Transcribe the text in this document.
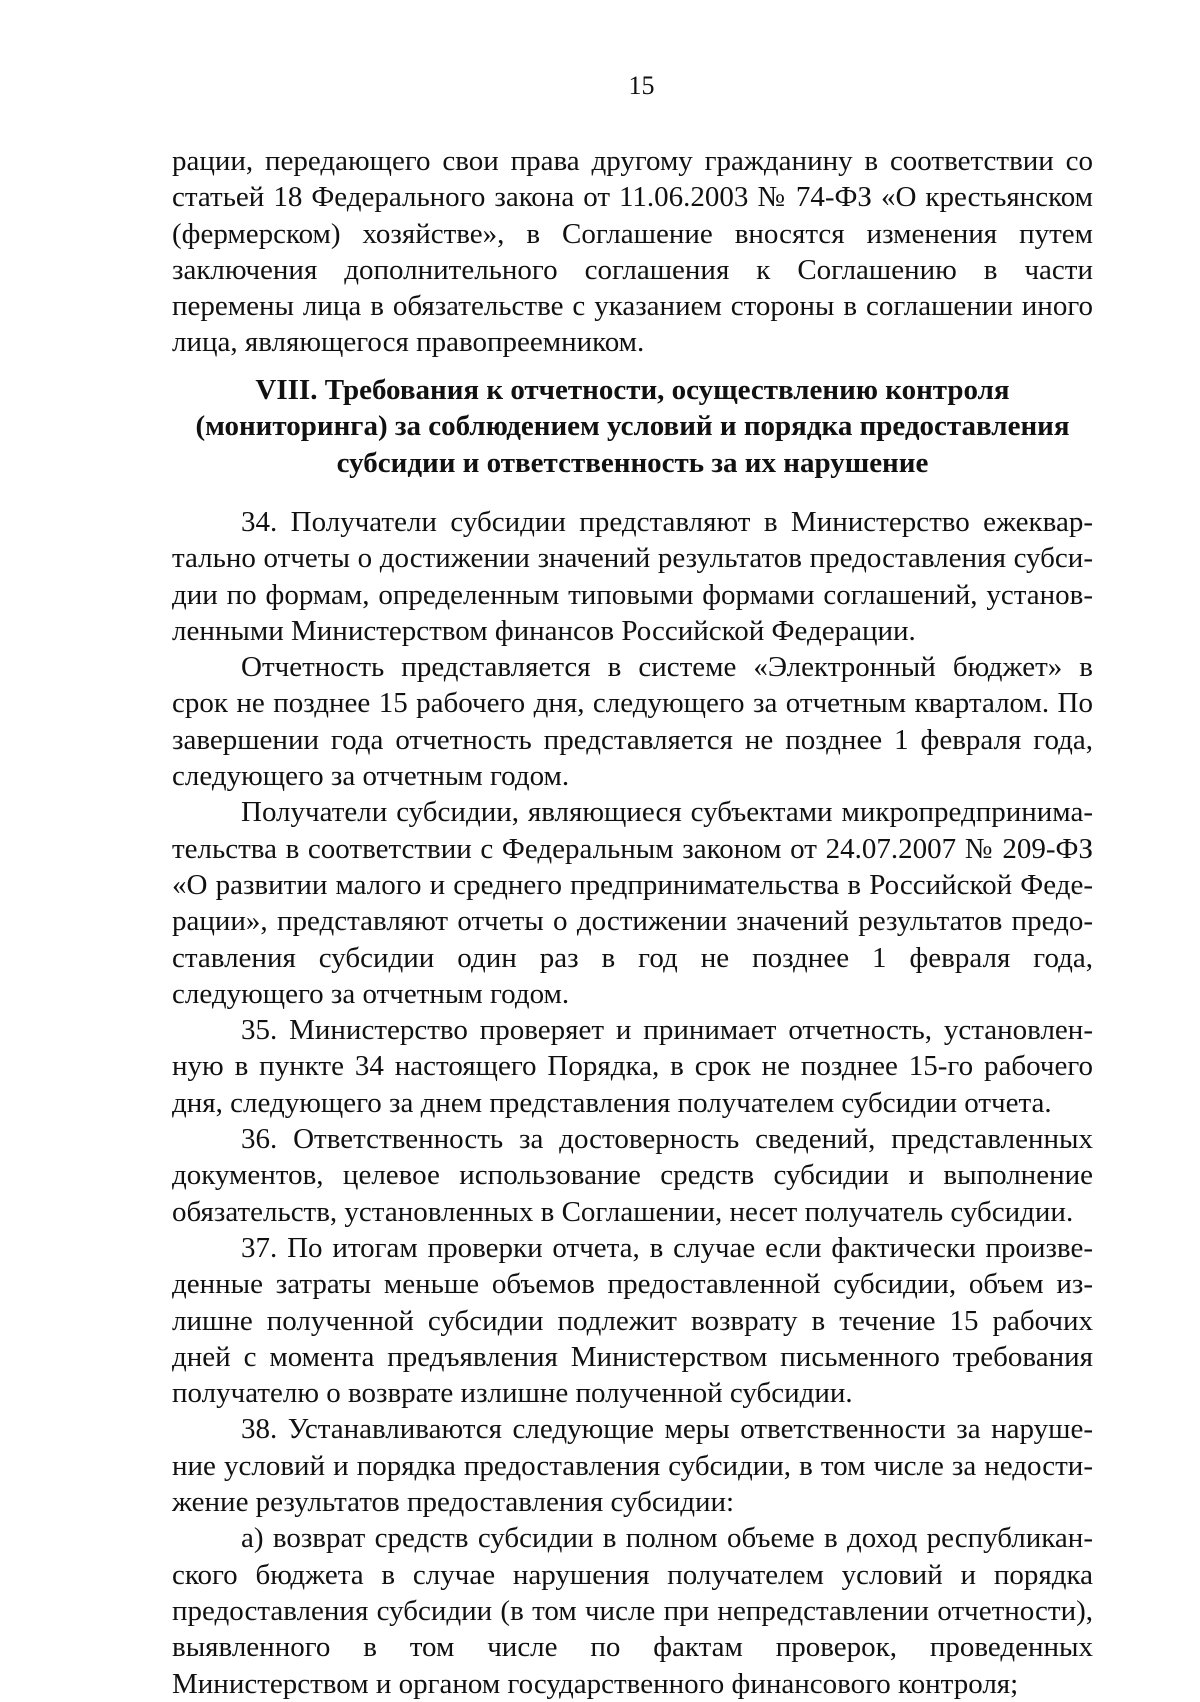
15

рации, передающего свои права другому гражданину в соответствии со статьей 18 Федерального закона от 11.06.2003 № 74-ФЗ «О крестьянском (фермерском) хозяйстве», в Соглашение вносятся изменения путем заключения дополнительного соглашения к Соглашению в части перемены лица в обязательстве с указанием стороны в соглашении иного лица, являющегося правопреемником.

VIII. Требования к отчетности, осуществлению контроля
(мониторинга) за соблюдением условий и порядка предоставления
субсидии и ответственность за их нарушение

34. Получатели субсидии представляют в Министерство ежеквартально отчеты о достижении значений результатов предоставления субсидии по формам, определенным типовыми формами соглашений, установленными Министерством финансов Российской Федерации.

Отчетность представляется в системе «Электронный бюджет» в срок не позднее 15 рабочего дня, следующего за отчетным кварталом. По завершении года отчетность представляется не позднее 1 февраля года, следующего за отчетным годом.

Получатели субсидии, являющиеся субъектами микропредпринимательства в соответствии с Федеральным законом от 24.07.2007 № 209-ФЗ «О развитии малого и среднего предпринимательства в Российской Федерации», представляют отчеты о достижении значений результатов предоставления субсидии один раз в год не позднее 1 февраля года, следующего за отчетным годом.

35. Министерство проверяет и принимает отчетность, установленную в пункте 34 настоящего Порядка, в срок не позднее 15-го рабочего дня, следующего за днем представления получателем субсидии отчета.

36. Ответственность за достоверность сведений, представленных документов, целевое использование средств субсидии и выполнение обязательств, установленных в Соглашении, несет получатель субсидии.

37. По итогам проверки отчета, в случае если фактически произведенные затраты меньше объемов предоставленной субсидии, объем излишне полученной субсидии подлежит возврату в течение 15 рабочих дней с момента предъявления Министерством письменного требования получателю о возврате излишне полученной субсидии.

38. Устанавливаются следующие меры ответственности за нарушение условий и порядка предоставления субсидии, в том числе за недостижение результатов предоставления субсидии:

а) возврат средств субсидии в полном объеме в доход республиканского бюджета в случае нарушения получателем условий и порядка предоставления субсидии (в том числе при непредставлении отчетности), выявленного в том числе по фактам проверок, проведенных Министерством и органом государственного финансового контроля;
